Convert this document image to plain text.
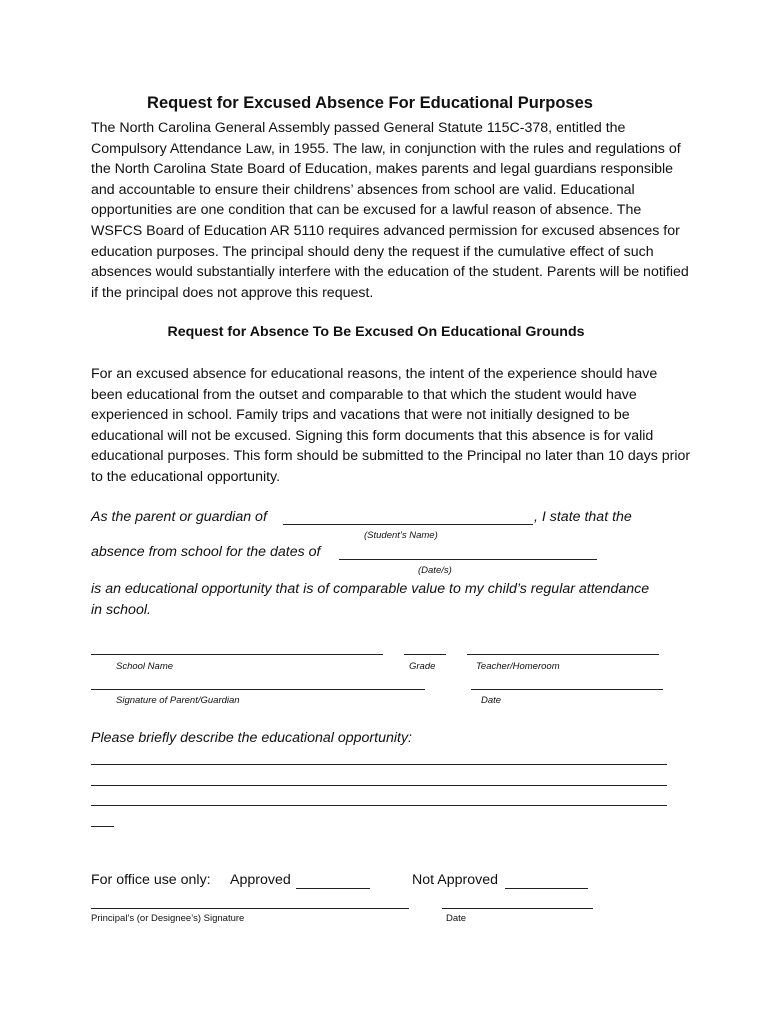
Request for Excused Absence For Educational Purposes
The North Carolina General Assembly passed General Statute 115C-378, entitled the Compulsory Attendance Law, in 1955. The law, in conjunction with the rules and regulations of the North Carolina State Board of Education, makes parents and legal guardians responsible and accountable to ensure their childrens’ absences from school are valid. Educational opportunities are one condition that can be excused for a lawful reason of absence. The WSFCS Board of Education AR 5110 requires advanced permission for excused absences for education purposes. The principal should deny the request if the cumulative effect of such absences would substantially interfere with the education of the student. Parents will be notified if the principal does not approve this request.
Request for Absence To Be Excused On Educational Grounds
For an excused absence for educational reasons, the intent of the experience should have been educational from the outset and comparable to that which the student would have experienced in school. Family trips and vacations that were not initially designed to be educational will not be excused. Signing this form documents that this absence is for valid educational purposes. This form should be submitted to the Principal no later than 10 days prior to the educational opportunity.
As the parent or guardian of	, I state that the
(Student’s Name)
absence from school for the dates of
(Date/s)
is an educational opportunity that is of comparable value to my child’s regular attendance in school.
School Name	Grade	Teacher/Homeroom
Signature of Parent/Guardian	Date
Please briefly describe the educational opportunity:
For office use only: Approved	Not Approved
Principal’s (or Designee’s) Signature	Date
